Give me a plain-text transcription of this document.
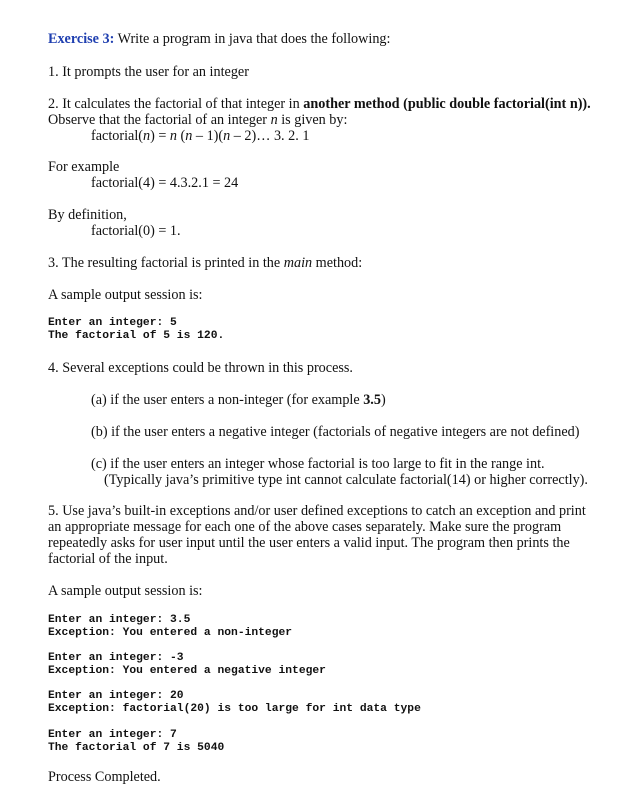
Exercise 3: Write a program in java that does the following:
1. It prompts the user for an integer
2. It calculates the factorial of that integer in another method (public double factorial(int n)).
Observe that the factorial of an integer n is given by:
factorial(n) = n (n – 1)(n – 2)… 3. 2. 1
For example
factorial(4) = 4.3.2.1 = 24
By definition,
factorial(0) = 1.
3. The resulting factorial is printed in the main method:
A sample output session is:
Enter an integer: 5
The factorial of 5 is 120.
4. Several exceptions could be thrown in this process.
(a) if the user enters a non-integer (for example 3.5)
(b) if the user enters a negative integer (factorials of negative integers are not defined)
(c) if the user enters an integer whose factorial is too large to fit in the range int.
(Typically java’s primitive type int cannot calculate factorial(14) or higher correctly).
5. Use java’s built-in exceptions and/or user defined exceptions to catch an exception and print
an appropriate message for each one of the above cases separately. Make sure the program
repeatedly asks for user input until the user enters a valid input. The program then prints the
factorial of the input.
A sample output session is:
Enter an integer: 3.5
Exception: You entered a non-integer
Enter an integer: -3
Exception: You entered a negative integer
Enter an integer: 20
Exception: factorial(20) is too large for int data type
Enter an integer: 7
The factorial of 7 is 5040
Process Completed.
